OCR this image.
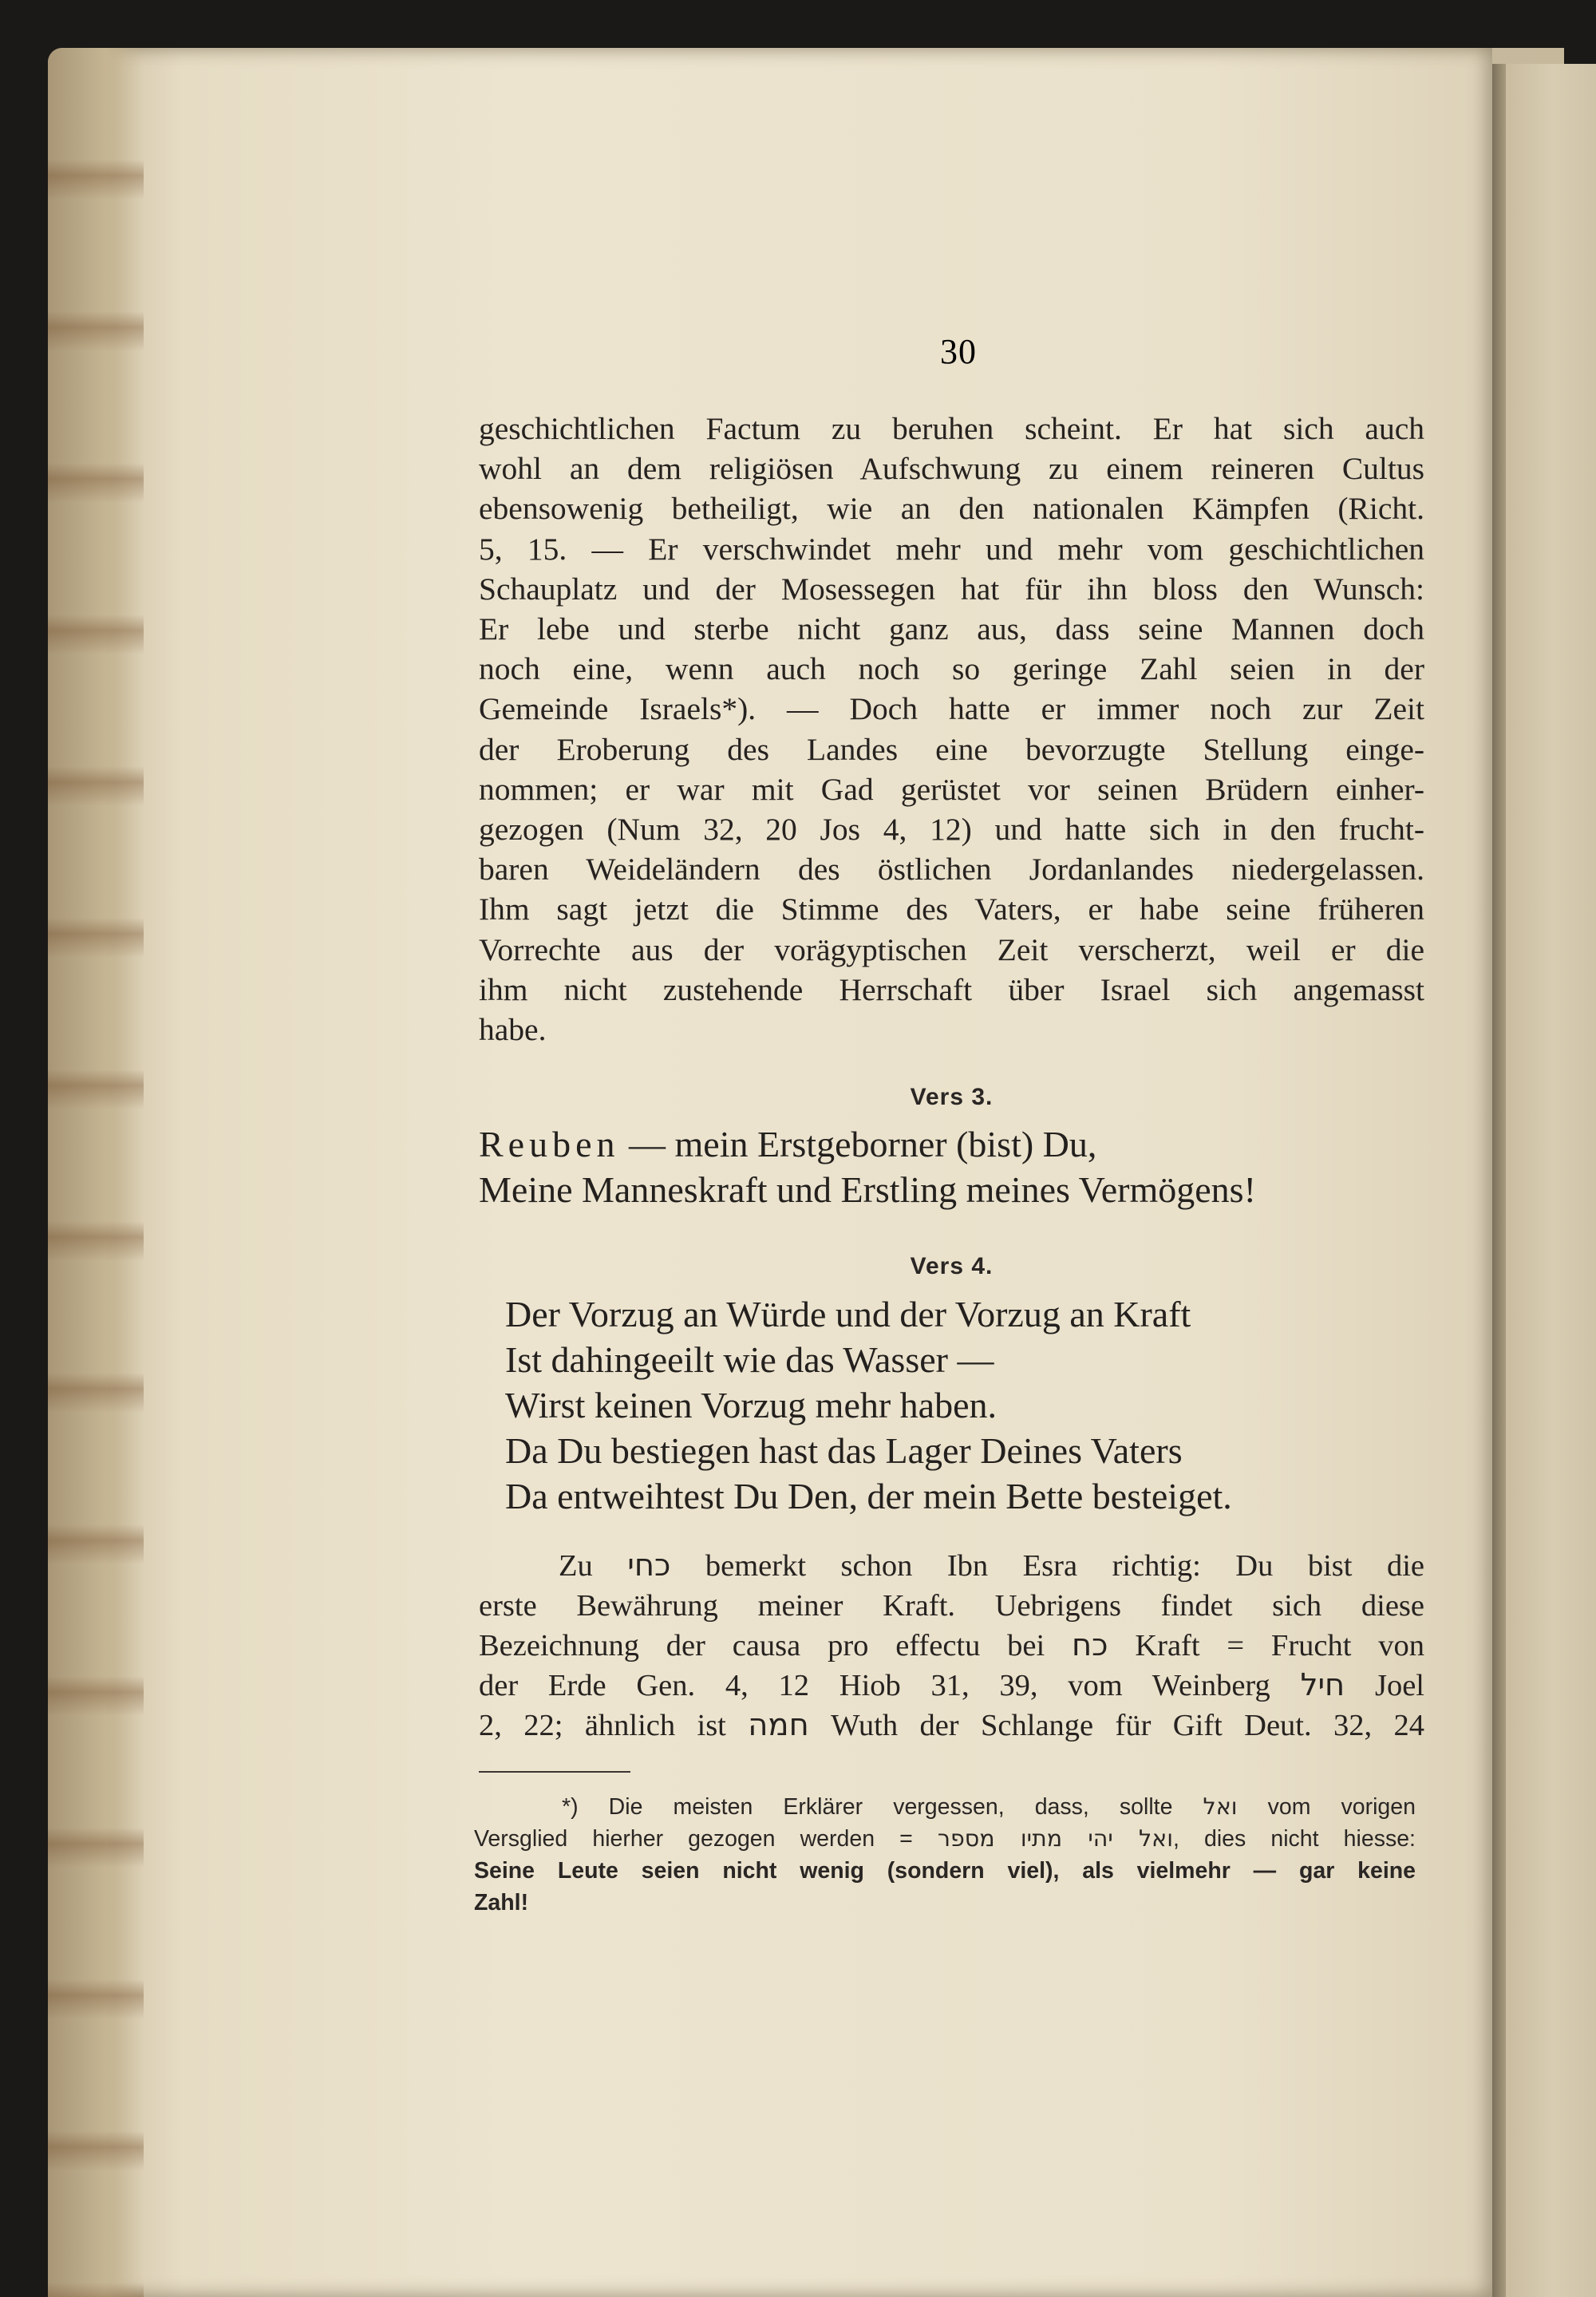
30
geschichtlichen Factum zu beruhen scheint. Er hat sich auch
wohl an dem religiösen Aufschwung zu einem reineren Cultus
ebensowenig betheiligt, wie an den nationalen Kämpfen (Richt.
5, 15. — Er verschwindet mehr und mehr vom geschichtlichen
Schauplatz und der Mosessegen hat für ihn bloss den Wunsch:
Er lebe und sterbe nicht ganz aus, dass seine Mannen doch
noch eine, wenn auch noch so geringe Zahl seien in der
Gemeinde Israels*). — Doch hatte er immer noch zur Zeit
der Eroberung des Landes eine bevorzugte Stellung einge-
nommen; er war mit Gad gerüstet vor seinen Brüdern einher-
gezogen (Num 32, 20 Jos 4, 12) und hatte sich in den frucht-
baren Weideländern des östlichen Jordanlandes niedergelassen.
Ihm sagt jetzt die Stimme des Vaters, er habe seine früheren
Vorrechte aus der vorägyptischen Zeit verscherzt, weil er die
ihm nicht zustehende Herrschaft über Israel sich angemasst
habe.
Vers 3.
Reuben — mein Erstgeborner (bist) Du,
Meine Manneskraft und Erstling meines Vermögens!
Vers 4.
Der Vorzug an Würde und der Vorzug an Kraft
Ist dahingeeilt wie das Wasser —
Wirst keinen Vorzug mehr haben.
Da Du bestiegen hast das Lager Deines Vaters
Da entweihtest Du Den, der mein Bette besteiget.
Zu כחי bemerkt schon Ibn Esra richtig: Du bist die
erste Bewährung meiner Kraft. Uebrigens findet sich diese
Bezeichnung der causa pro effectu bei כח Kraft = Frucht von
der Erde Gen. 4, 12 Hiob 31, 39, vom Weinberg חיל Joel
2, 22; ähnlich ist חמה Wuth der Schlange für Gift Deut. 32, 24
*) Die meisten Erklärer vergessen, dass, sollte ואל vom vorigen
Versglied hierher gezogen werden = ואל יהי מתיו מספר, dies nicht hiesse:
Seine Leute seien nicht wenig (sondern viel), als vielmehr — gar keine
Zahl!
